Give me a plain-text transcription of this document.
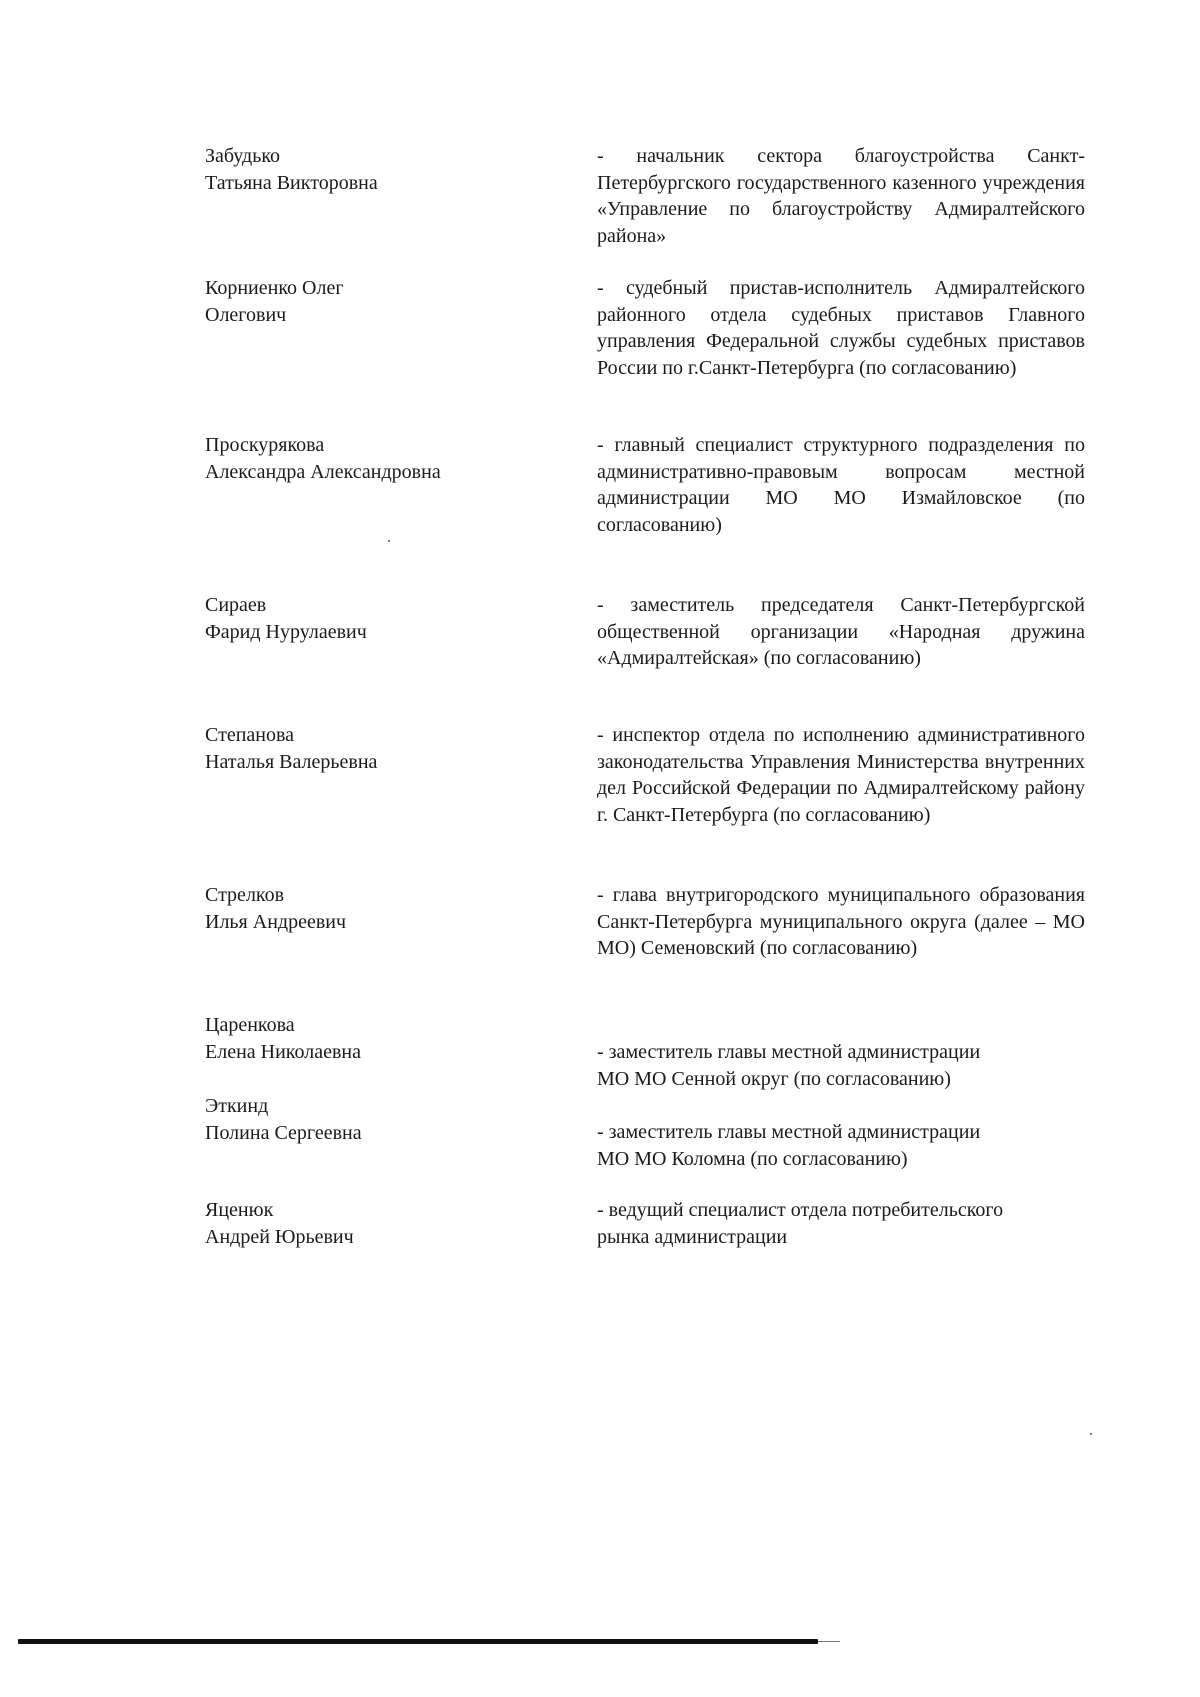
Забудько
Татьяна Викторовна
- начальник сектора благоустройства Санкт-Петербургского государственного казенного учреждения «Управление по благоустройству Адмиралтейского района»
Корниенко Олег
Олегович
- судебный пристав-исполнитель Адмиралтейского районного отдела судебных приставов Главного управления Федеральной службы судебных приставов России по г.Санкт-Петербурга (по согласованию)
Проскурякова
Александра Александровна
- главный специалист структурного подразделения по административно-правовым вопросам местной администрации МО МО Измайловское (по согласованию)
Сираев
Фарид Нурулаевич
- заместитель председателя Санкт-Петербургской общественной организации «Народная дружина «Адмиралтейская» (по согласованию)
Степанова
Наталья Валерьевна
- инспектор отдела по исполнению административного законодательства Управления Министерства внутренних дел Российской Федерации по Адмиралтейскому району г. Санкт-Петербурга (по согласованию)
Стрелков
Илья Андреевич
- глава внутригородского муниципального образования Санкт-Петербурга муниципального округа (далее – МО МО) Семеновский (по согласованию)
Царенкова
Елена Николаевна	- заместитель главы местной администрации
МО МО Сенной округ (по согласованию)
Эткинд
Полина Сергеевна	- заместитель главы местной администрации
МО МО Коломна (по согласованию)
Яценюк
Андрей Юрьевич
- ведущий специалист отдела потребительского
рынка администрации
